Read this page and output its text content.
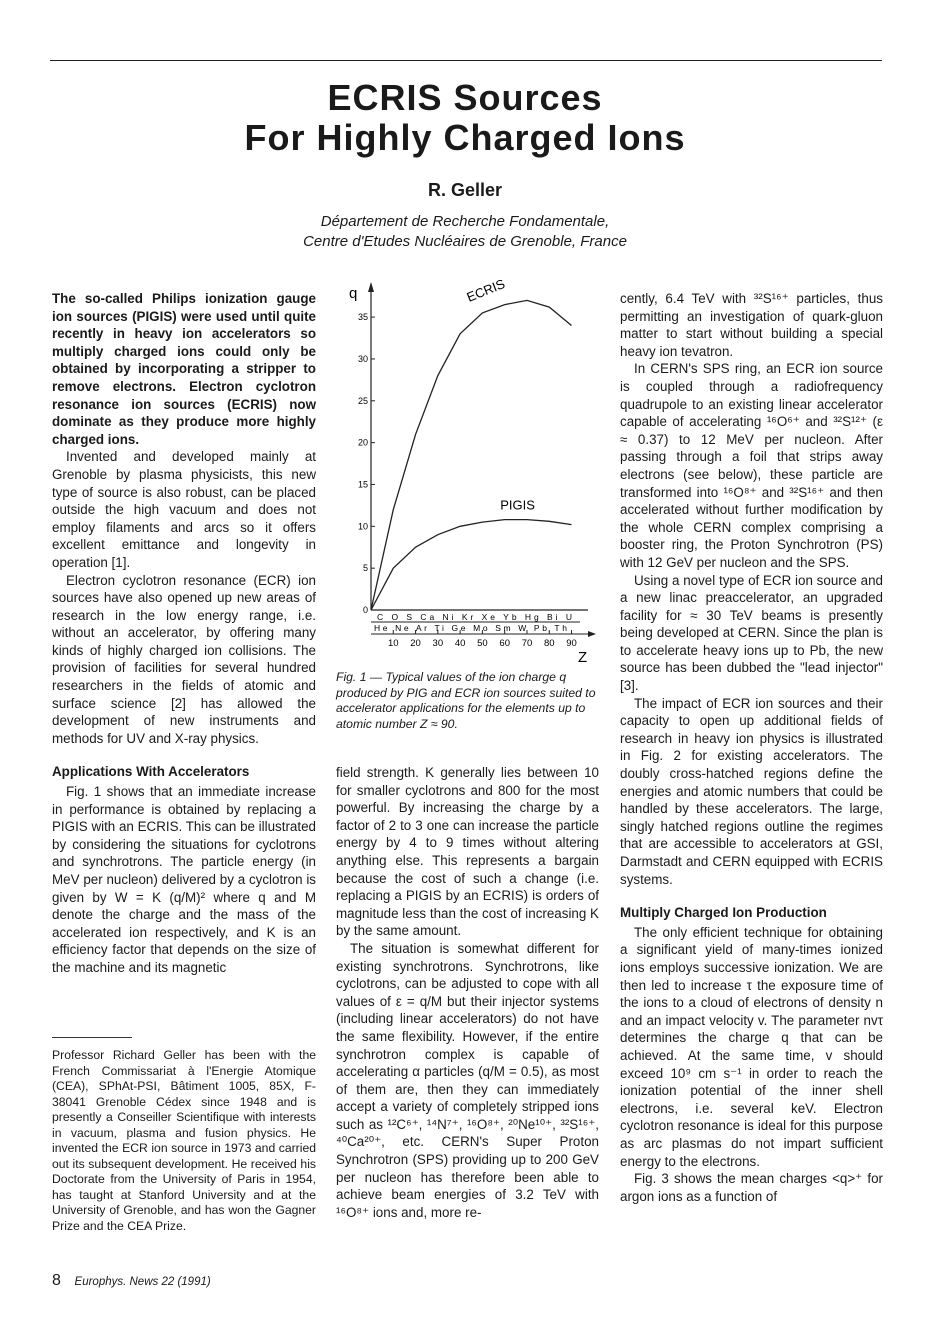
ECRIS Sources
For Highly Charged Ions
R. Geller
Département de Recherche Fondamentale,
Centre d'Etudes Nucléaires de Grenoble, France

The so-called Philips ionization gauge ion sources (PIGIS) were used until quite recently in heavy ion accelerators so multiply charged ions could only be obtained by incorporating a stripper to remove electrons. Electron cyclotron resonance ion sources (ECRIS) now dominate as they produce more highly charged ions.

Invented and developed mainly at Grenoble by plasma physicists, this new type of source is also robust, can be placed outside the high vacuum and does not employ filaments and arcs so it offers excellent emittance and longevity in operation [1].

Electron cyclotron resonance (ECR) ion sources have also opened up new areas of research in the low energy range, i.e. without an accelerator, by offering many kinds of highly charged ion collisions. The provision of facilities for several hundred researchers in the fields of atomic and surface science [2] has allowed the development of new instruments and methods for UV and X-ray physics.

Applications With Accelerators

Fig. 1 shows that an immediate increase in performance is obtained by replacing a PIGIS with an ECRIS. This can be illustrated by considering the situations for cyclotrons and synchrotrons. The particle energy (in MeV per nucleon) delivered by a cyclotron is given by W = K (q/M)² where q and M denote the charge and the mass of the accelerated ion respectively, and K is an efficiency factor that depends on the size of the machine and its magnetic

Professor Richard Geller has been with the French Commissariat à l'Energie Atomique (CEA), SPhAt-PSI, Bâtiment 1005, 85X, F-38041 Grenoble Cédex since 1948 and is presently a Conseiller Scientifique with interests in vacuum, plasma and fusion physics. He invented the ECR ion source in 1973 and carried out its subsequent development. He received his Doctorate from the University of Paris in 1954, has taught at Stanford University and at the University of Grenoble, and has won the Gagner Prize and the CEA Prize.
8 Europhys. News 22 (1991)
q
0
5
10
15
20
25
30
35
C O S Ca Ni Kr Xe Yb Hg Bi U
He Ne Ar Ti Ge Mo Sm W Pb Th
10 20 30 40 50 60 70 80 90
Z
ECRIS
PIGIS
Fig. 1 — Typical values of the ion charge q produced by PIG and ECR ion sources suited to accelerator applications for the elements up to atomic number Z ≈ 90.

field strength. K generally lies between 10 for smaller cyclotrons and 800 for the most powerful. By increasing the charge by a factor of 2 to 3 one can increase the particle energy by 4 to 9 times without altering anything else. This represents a bargain because the cost of such a change (i.e. replacing a PIGIS by an ECRIS) is orders of magnitude less than the cost of increasing K by the same amount.

The situation is somewhat different for existing synchrotrons. Synchrotrons, like cyclotrons, can be adjusted to cope with all values of ε = q/M but their injector systems (including linear accelerators) do not have the same flexibility. However, if the entire synchrotron complex is capable of accelerating α particles (q/M = 0.5), as most of them are, then they can immediately accept a variety of completely stripped ions such as ¹²C⁶⁺, ¹⁴N⁷⁺, ¹⁶O⁸⁺, ²⁰Ne¹⁰⁺, ³²S¹⁶⁺, ⁴⁰Ca²⁰⁺, etc. CERN's Super Proton Synchrotron (SPS) providing up to 200 GeV per nucleon has therefore been able to achieve beam energies of 3.2 TeV with ¹⁶O⁸⁺ ions and, more re-

cently, 6.4 TeV with ³²S¹⁶⁺ particles, thus permitting an investigation of quark-gluon matter to start without building a special heavy ion tevatron.

In CERN's SPS ring, an ECR ion source is coupled through a radiofrequency quadrupole to an existing linear accelerator capable of accelerating ¹⁶O⁶⁺ and ³²S¹²⁺ (ε ≈ 0.37) to 12 MeV per nucleon. After passing through a foil that strips away electrons (see below), these particle are transformed into ¹⁶O⁸⁺ and ³²S¹⁶⁺ and then accelerated without further modification by the whole CERN complex comprising a booster ring, the Proton Synchrotron (PS) with 12 GeV per nucleon and the SPS.

Using a novel type of ECR ion source and a new linac preaccelerator, an upgraded facility for ≈ 30 TeV beams is presently being developed at CERN. Since the plan is to accelerate heavy ions up to Pb, the new source has been dubbed the "lead injector" [3].

The impact of ECR ion sources and their capacity to open up additional fields of research in heavy ion physics is illustrated in Fig. 2 for existing accelerators. The doubly cross-hatched regions define the energies and atomic numbers that could be handled by these accelerators. The large, singly hatched regions outline the regimes that are accessible to accelerators at GSI, Darmstadt and CERN equipped with ECRIS systems.

Multiply Charged Ion Production

The only efficient technique for obtaining a significant yield of many-times ionized ions employs successive ionization. We are then led to increase τ the exposure time of the ions to a cloud of electrons of density n and an impact velocity v. The parameter nvτ determines the charge q that can be achieved. At the same time, v should exceed 10⁹ cm s⁻¹ in order to reach the ionization potential of the inner shell electrons, i.e. several keV. Electron cyclotron resonance is ideal for this purpose as arc plasmas do not impart sufficient energy to the electrons.

Fig. 3 shows the mean charges <q>⁺ for argon ions as a function of
